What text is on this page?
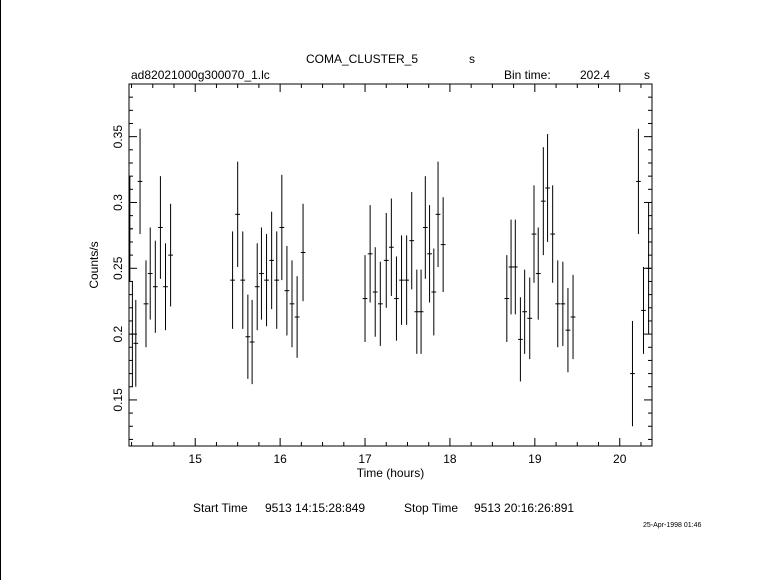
COMA_CLUSTER_5	s
ad82021000g300070_1.lc	Bin time: 202.4	s
15	16	17	18	19	20
0.15
0.2
0.25
0.3
0.35
Time (hours)
Counts/s
Start Time 9513 14:15:28:849	Stop Time 9513 20:16:26:891
25-Apr-1998 01:46
